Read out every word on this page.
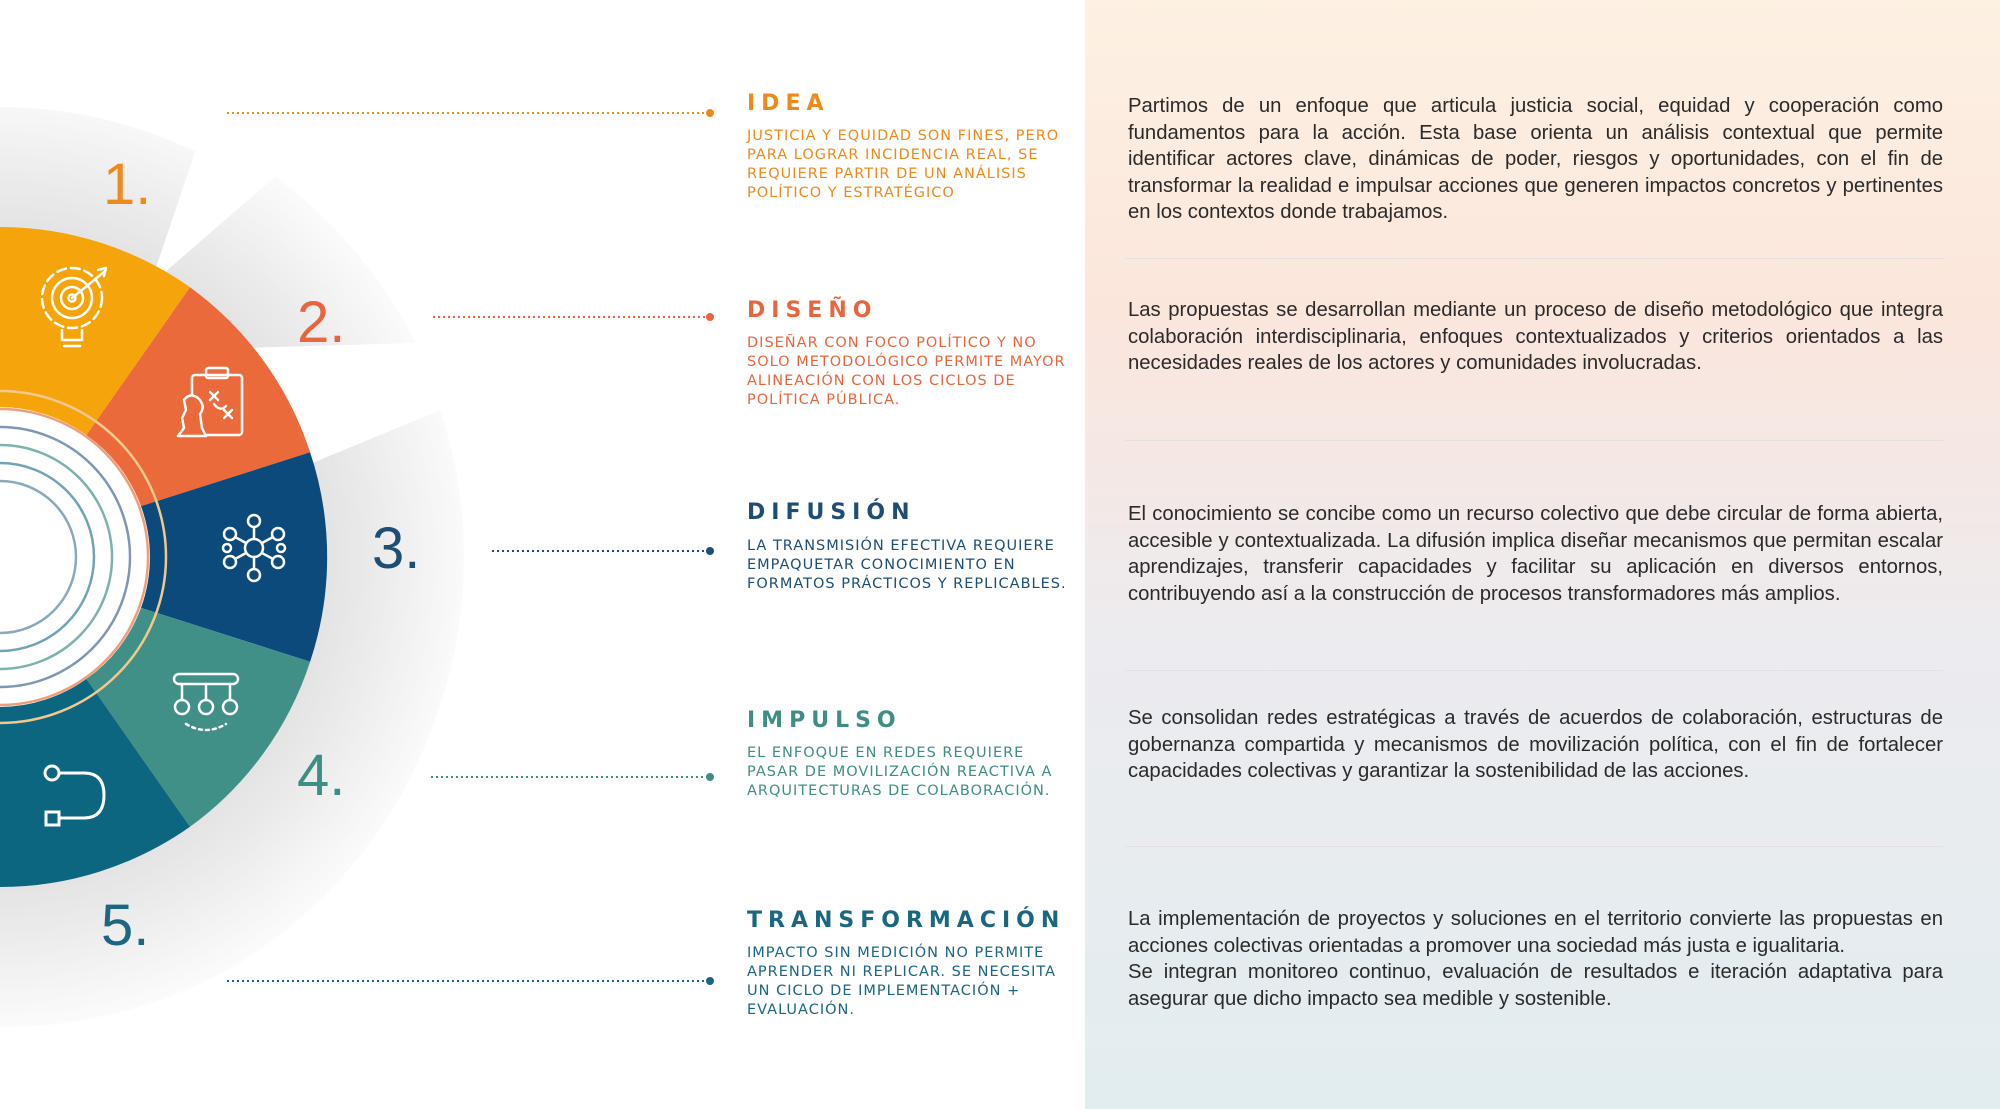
1.
2.
3.
4.
5.
IDEA

JUSTICIA Y EQUIDAD SON FINES, PERO PARA LOGRAR INCIDENCIA REAL, SE REQUIERE PARTIR DE UN ANÁLISIS POLÍTICO Y ESTRATÉGICO

DISEÑO

DISEÑAR CON FOCO POLÍTICO Y NO SOLO METODOLÓGICO PERMITE MAYOR ALINEACIÓN CON LOS CICLOS DE POLÍTICA PÚBLICA.

DIFUSIÓN

LA TRANSMISIÓN EFECTIVA REQUIERE EMPAQUETAR CONOCIMIENTO EN FORMATOS PRÁCTICOS Y REPLICABLES.

IMPULSO

EL ENFOQUE EN REDES REQUIERE PASAR DE MOVILIZACIÓN REACTIVA A ARQUITECTURAS DE COLABORACIÓN.

TRANSFORMACIÓN

IMPACTO SIN MEDICIÓN NO PERMITE APRENDER NI REPLICAR. SE NECESITA UN CICLO DE IMPLEMENTACIÓN + EVALUACIÓN.

Partimos de un enfoque que articula justicia social, equidad y cooperación como fundamentos para la acción. Esta base orienta un análisis contextual que permite identificar actores clave, dinámicas de poder, riesgos y oportunidades, con el fin de transformar la realidad e impulsar acciones que generen impactos concretos y pertinentes en los contextos donde trabajamos.

Las propuestas se desarrollan mediante un proceso de diseño metodológico que integra colaboración interdisciplinaria, enfoques contextualizados y criterios orientados a las necesidades reales de los actores y comunidades involucradas.

El conocimiento se concibe como un recurso colectivo que debe circular de forma abierta, accesible y contextualizada. La difusión implica diseñar mecanismos que permitan escalar aprendizajes, transferir capacidades y facilitar su aplicación en diversos entornos, contribuyendo así a la construcción de procesos transformadores más amplios.

Se consolidan redes estratégicas a través de acuerdos de colaboración, estructuras de gobernanza compartida y mecanismos de movilización política, con el fin de fortalecer capacidades colectivas y garantizar la sostenibilidad de las acciones.

La implementación de proyectos y soluciones en el territorio convierte las propuestas en acciones colectivas orientadas a promover una sociedad más justa e igualitaria.
Se integran monitoreo continuo, evaluación de resultados e iteración adaptativa para asegurar que dicho impacto sea medible y sostenible.
